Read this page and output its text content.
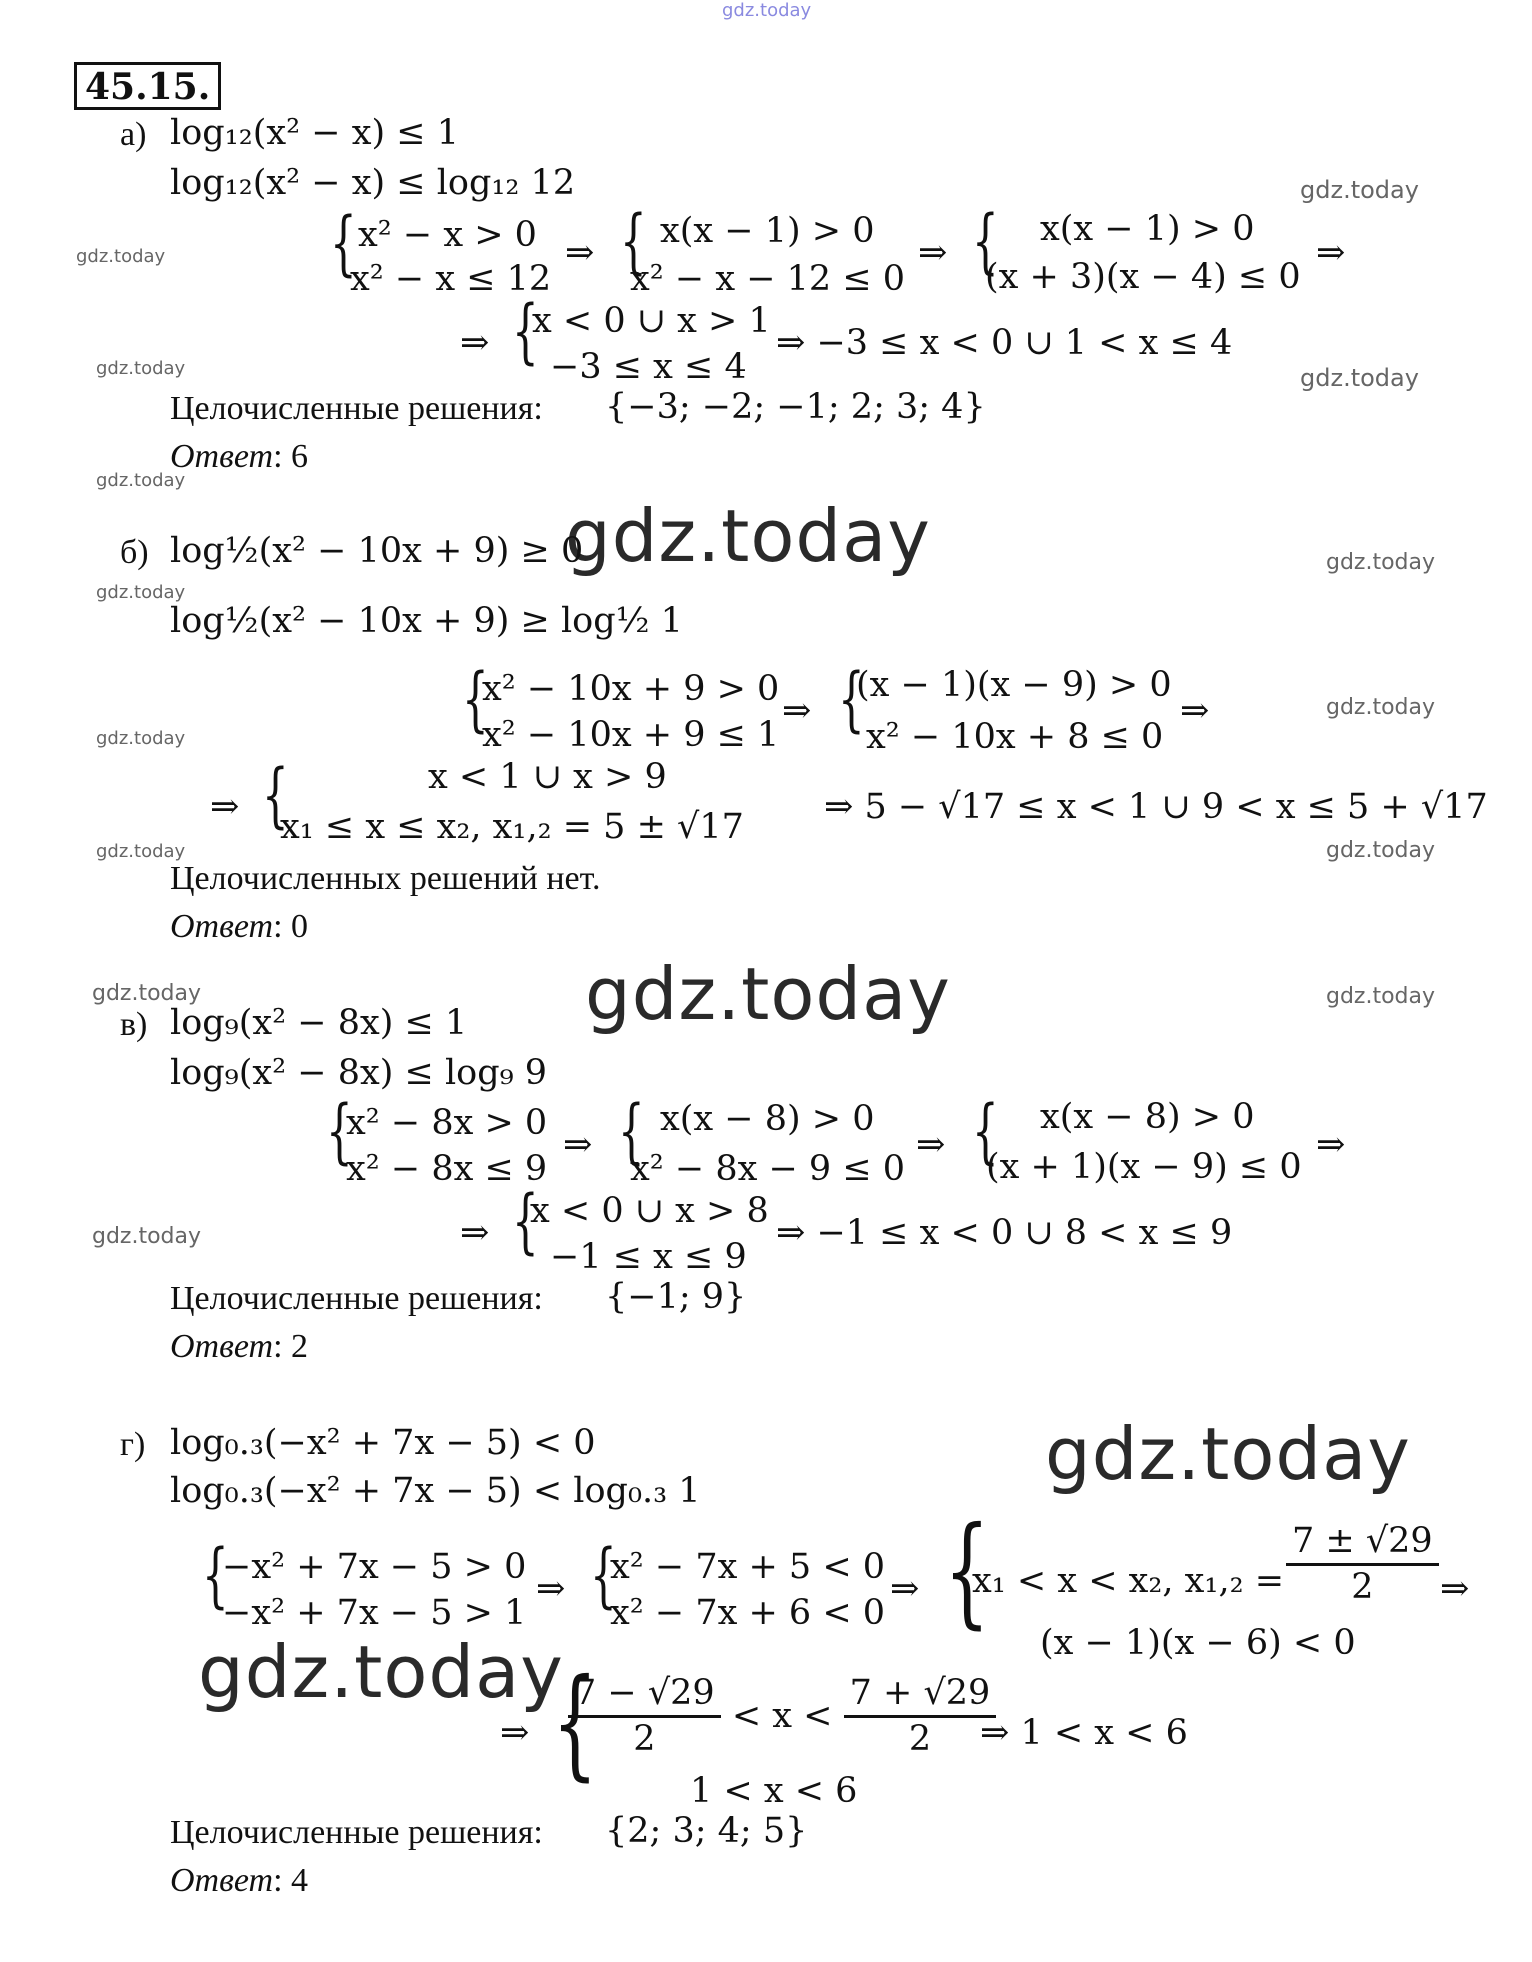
gdz.today
gdz.today
gdz.today
gdz.today	gdz.today
gdz.today
gdz.today
gdz.today
gdz.today
gdz.today
gdz.today	gdz.today
gdz.today	gdz.today
gdz.today
gdz.today
gdz.today
gdz.today
gdz.today
45.15.
а) log₁₂(x² − x) ≤ 1
log₁₂(x² − x) ≤ log₁₂ 12
{ x² − x > 0
x² − x ≤ 12
⇒ { x(x − 1) > 0
x² − x − 12 ≤ 0
⇒ { x(x − 1) > 0
(x + 3)(x − 4) ≤ 0
⇒
⇒ {
x < 0 ∪ x > 1
−3 ≤ x ≤ 4
⇒ −3 ≤ x < 0 ∪ 1 < x ≤ 4
Целочисленные решения: {−3; −2; −1; 2; 3; 4}
Ответ: 6
б) log½(x² − 10x + 9) ≥ 0
log½(x² − 10x + 9) ≥ log½ 1
{
x² − 10x + 9 > 0
x² − 10x + 9 ≤ 1
⇒ {
(x − 1)(x − 9) > 0
x² − 10x + 8 ≤ 0
⇒
⇒ {	x < 1 ∪ x > 9
x₁ ≤ x ≤ x₂, x₁,₂ = 5 ± √17 ⇒ 5 − √17 ≤ x < 1 ∪ 9 < x ≤ 5 + √17
Целочисленных решений нет.
Ответ: 0
в) log₉(x² − 8x) ≤ 1
log₉(x² − 8x) ≤ log₉ 9
{
x² − 8x > 0
x² − 8x ≤ 9
⇒ { x(x − 8) > 0
x² − 8x − 9 ≤ 0
⇒ { x(x − 8) > 0
(x + 1)(x − 9) ≤ 0
⇒
⇒ {
x < 0 ∪ x > 8
−1 ≤ x ≤ 9
⇒ −1 ≤ x < 0 ∪ 8 < x ≤ 9
Целочисленные решения: {−1; 9}
Ответ: 2
г) log₀.₃(−x² + 7x − 5) < 0
log₀.₃(−x² + 7x − 5) < log₀.₃ 1
{
−x² + 7x − 5 > 0
−x² + 7x − 5 > 1
⇒ {
x² − 7x + 5 < 0
x² − 7x + 6 < 0
⇒ {
x₁ < x < x₂, $x_1,_2 = \frac{7 \pm √29}{2}$
(x − 1)(x − 6) < 0
⇒
⇒ {
$\frac{7 - √29}{2} < x < \frac{7 + √29}{2}$
1 < x < 6
⇒ 1 < x < 6
Целочисленные решения: {2; 3; 4; 5}
Ответ: 4
